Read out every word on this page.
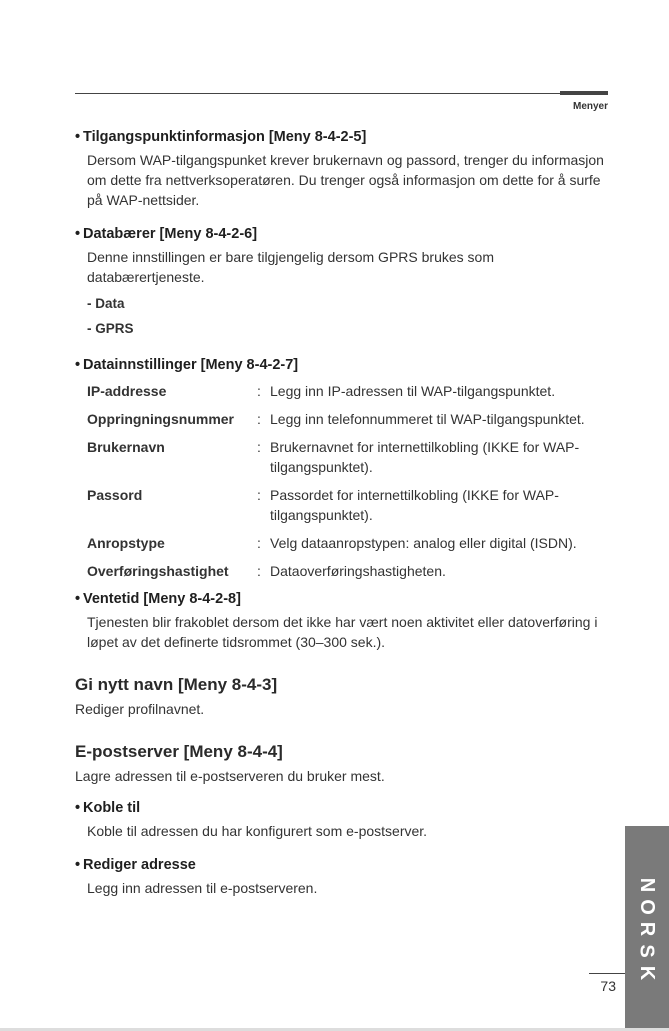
Menyer

• Tilgangspunktinformasjon [Meny 8-4-2-5]

Dersom WAP-tilgangspunket krever brukernavn og passord, trenger du informasjon om dette fra nettverksoperatøren. Du trenger også informasjon om dette for å surfe på WAP-nettsider.

• Databærer [Meny 8-4-2-6]

Denne innstillingen er bare tilgjengelig dersom GPRS brukes som databærertjeneste.

- Data
- GPRS

• Datainnstillinger [Meny 8-4-2-7]

IP-addresse	: Legg inn IP-adressen til WAP-tilgangspunktet.
Oppringningsnummer	: Legg inn telefonnummeret til WAP-tilgangspunktet.
Brukernavn	: Brukernavnet for internettilkobling (IKKE for WAP-tilgangspunktet).
Passord	: Passordet for internettilkobling (IKKE for WAP-tilgangspunktet).
Anropstype	: Velg dataanropstypen: analog eller digital (ISDN).
Overføringshastighet	: Dataoverføringshastigheten.

• Ventetid [Meny 8-4-2-8]

Tjenesten blir frakoblet dersom det ikke har vært noen aktivitet eller datoverføring i løpet av det definerte tidsrommet (30–300 sek.).

Gi nytt navn [Meny 8-4-3]

Rediger profilnavnet.

E-postserver [Meny 8-4-4]

Lagre adressen til e-postserveren du bruker mest.

• Koble til

Koble til adressen du har konfigurert som e-postserver.

• Rediger adresse

Legg inn adressen til e-postserveren.	N
O
R
S
K
73
